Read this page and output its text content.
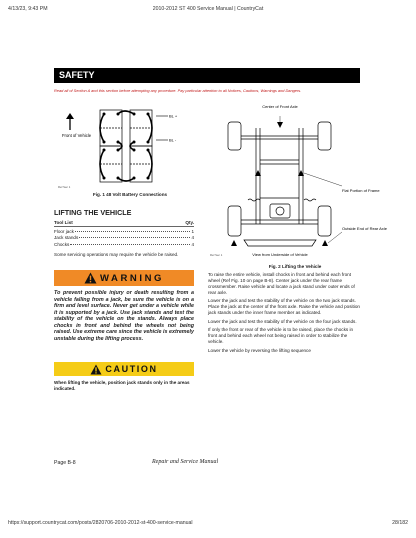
4/13/23, 9:43 PM	2010-2012 ST 400 Service Manual | CountryCat
SAFETY
Read all of Section A and this section before attempting any procedure. Pay particular attention to all Notices, Cautions, Warnings and Dangers.
Front of Vehicle
BL +
BL -
Ref Sec 1
Fig. 1 48 Volt Battery Connections
LIFTING THE VEHICLE
Tool List	Qty.
Floor jack	1
Jack stands	4
Chocks	4
Some servicing operations may require the vehicle be raised.
WARNING
To prevent possible injury or death resulting from a vehicle falling from a jack, be sure the vehicle is on a firm and level surface. Never get under a vehicle while it is supported by a jack. Use jack stands and test the stability of the vehicle on the stands. Always place chocks in front and behind the wheels not being raised. Use extreme care since the vehicle is extremely unstable during the lifting process.
CAUTION
When lifting the vehicle, position jack stands only in the areas indicated.
Center of Front Axle
Flat Portion of Frame
Outside End of Rear Axle
View from Underside of Vehicle
Ref Sec 1
Fig. 2 Lifting the Vehicle

To raise the entire vehicle, install chocks in front and behind each front wheel (Ref Fig. 10 on page B-8). Center jack under the rear frame crossmember. Raise vehicle and locate a jack stand under outer ends of rear axle.

Lower the jack and test the stability of the vehicle on the two jack stands. Place the jack at the center of the front axle. Raise the vehicle and position jack stands under the inner frame member as indicated.

Lower the jack and test the stability of the vehicle on the four jack stands.

If only the front or rear of the vehicle is to be raised, place the chocks in front and behind each wheel not being raised in order to stabilize the vehicle.

Lower the vehicle by reversing the lifting sequence

Page B-8	Repair and Service Manual
https://support.countrycat.com/posts/2820706-2010-2012-st-400-service-manual	28/182
